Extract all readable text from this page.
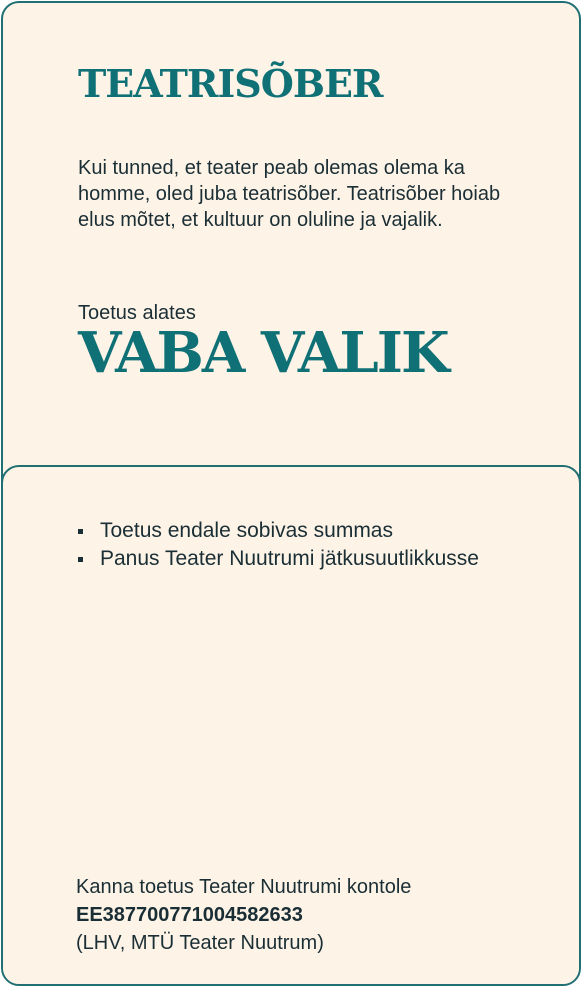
TEATRISÕBER

Kui tunned, et teater peab olemas olema ka homme, oled juba teatrisõber. Teatrisõber hoiab elus mõtet, et kultuur on oluline ja vajalik.

Toetus alates

VABA VALIK

Toetus endale sobivas summas
Panus Teater Nuutrumi jätkusuutlikkusse
Kanna toetus Teater Nuutrumi kontole
EE387700771004582633
(LHV, MTÜ Teater Nuutrum)
